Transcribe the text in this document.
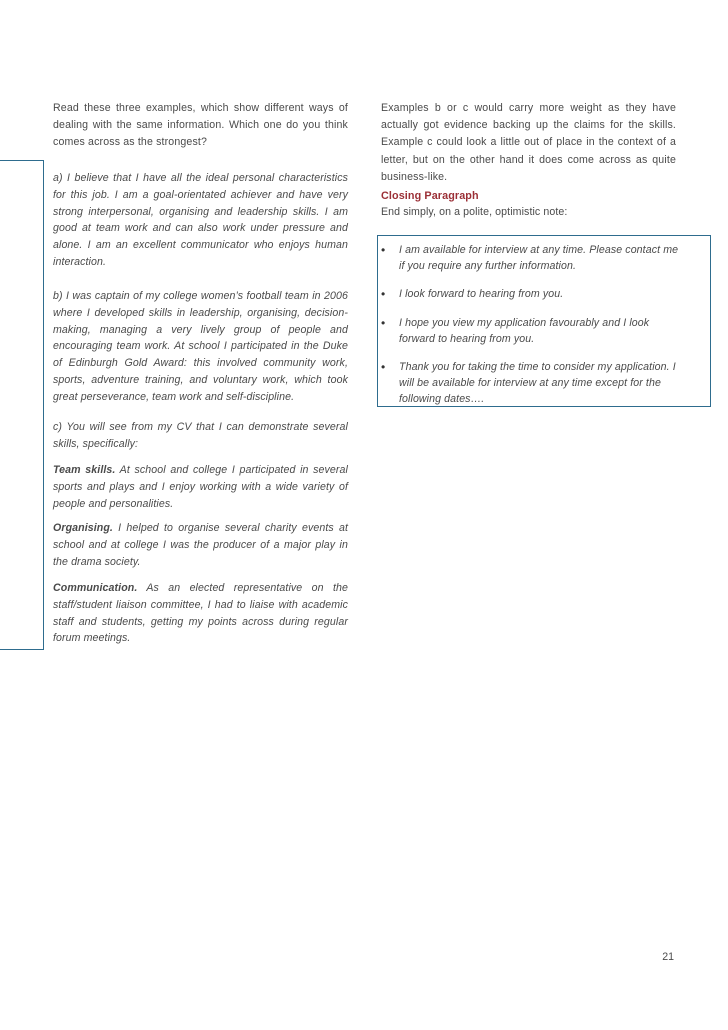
Read these three examples, which show different ways of dealing with the same information. Which one do you think comes across as the strongest?

a) I believe that I have all the ideal personal characteristics for this job. I am a goal-orientated achiever and have very strong interpersonal, organising and leadership skills. I am good at team work and can also work under pressure and alone. I am an excellent communicator who enjoys human interaction.

b) I was captain of my college women’s football team in 2006 where I developed skills in leadership, organising, decision-making, managing a very lively group of people and encouraging team work. At school I participated in the Duke of Edinburgh Gold Award: this involved community work, sports, adventure training, and voluntary work, which took great perseverance, team work and self-discipline.

c) You will see from my CV that I can demonstrate several skills, specifically:

Team skills. At school and college I participated in several sports and plays and I enjoy working with a wide variety of people and personalities.

Organising. I helped to organise several charity events at school and at college I was the producer of a major play in the drama society.

Communication. As an elected representative on the staff/student liaison committee, I had to liaise with academic staff and students, getting my points across during regular forum meetings.

Examples b or c would carry more weight as they have actually got evidence backing up the claims for the skills. Example c could look a little out of place in the context of a letter, but on the other hand it does come across as quite business-like.

Closing Paragraph
End simply, on a polite, optimistic note:
•	I am available for interview at any time. Please contact me if you require any further information.
•	I look forward to hearing from you.
•	I hope you view my application favourably and I look forward to hearing from you.
•	Thank you for taking the time to consider my application. I will be available for interview at any time except for the following dates….
21
